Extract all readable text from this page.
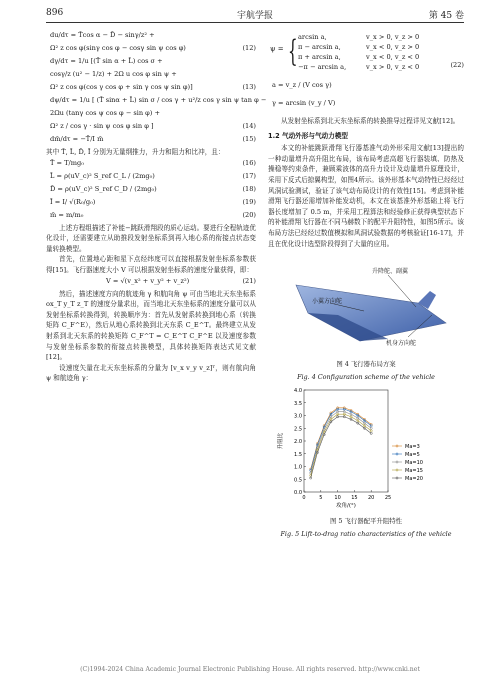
896	宇航学报	第 45 卷
du/dτ = T̄cos α − D̄ − sinγ/z² +
Ω² z cos φ(sinγ cos φ − cosγ sin ψ cos φ)	(12)
dγ/dτ = 1/u [(T̄ sin α + L̄) cos σ +
cosγ/z (u² − 1/z) + 2Ω u cos φ sin ψ +
Ω² z cos φ(cos γ cos φ + sin γ cos ψ sin φ)]	(13)
dψ/dτ = 1/u [ (T̄ sinα + L̄) sin σ / cos γ + u²/z cos γ sin ψ tan φ −
2Ωu (tanγ cos ψ cos φ − sin φ) +
Ω² z / cos γ · sin ψ cos φ sin φ ]	(14)
dm̄/dτ = −T̄/I m̄	(15)

其中 T̄, L̄, D̄, Ī 分别为无量纲推力，升力和阻力和比冲，且：

T̄ = T/mg₀	(16)
L̄ = ρ(uV_c)² S_ref C_L / (2mg₀)	(17)
D̄ = ρ(uV_c)² S_ref C_D / (2mg₀)	(18)
Ī = I/ √(R₀/g₀)	(19)
m̄ = m/m₀	(20)

上述方程组描述了补能−跳跃滑翔段的质心运动。要进行全程轨迹优化设计，还需要建立从助推段发射坐标系到再入地心系的衔接点状态变量转换模型。

首先，位置地心距和星下点经纬度可以直接根据发射坐标系参数获得[15]。飞行器速度大小 V 可以根据发射坐标系的速度分量获得，即：

V = √(v_x² + v_y² + v_z²)	(21)

然后，描述速度方向的航迹角 γ 和航向角 ψ 可由当地北天东坐标系 ox_T y_T z_T 的速度分量求出，而当地北天东坐标系的速度分量可以从发射坐标系转换得到，转换顺序为：首先从发射系转换到地心系（转换矩阵 C_F^E），然后从地心系转换到北天东系 C_E^T。最终建立从发射系到北天东系的转换矩阵 C_F^T = C_E^T C_F^E 以及速度参数与发射坐标系参数的衔接点转换模型，具体转换矩阵表达式见文献[12]。

设速度矢量在北天东坐标系的分量为 [v_x v_y v_z]ᵀ，则有航向角 ψ 和航迹角 γ：

ψ = { arcsin a,	v_x > 0, v_z > 0
π − arcsin a,	v_x < 0, v_z > 0
π + arcsin a,	v_x < 0, v_z < 0
−π − arcsin a,	v_x > 0, v_z < 0
a = v_z / (V cos γ)
γ = arcsin (v_y / V)
(22)

从发射坐标系到北天东坐标系的转换推导过程详见文献[12]。

1.2 气动外形与气动力模型

本文的补能跳跃滑翔飞行器基准气动外形采用文献[13]提出的一种动量增升高升阻比布局，该布局考虑高超飞行器装填、防热及操稳等约束条件，兼顾乘波体的高升力设计及动量增升原理设计，采用下反式后掠翼构型，如图4所示。该外形基本气动特性已经经过风洞试验测试，验证了该气动布局设计的有效性[15]。考虑到补能滑翔飞行器还需增加补能发动机，本文在该基准外形基础上将飞行器长度增加了 0.5 m，并采用工程算法和经验修正获得典型状态下的补能滑翔飞行器在不同马赫数下的配平升阻特性，如图5所示。该布局方法已经经过数值模拟和风洞试验数据的考核验证[16-17]，并且在优化设计选型阶段得到了大量的应用。

升降舵、副翼
小翼方向舵
机身方向舵
图 4 飞行器布局方案
Fig. 4 Configuration scheme of the vehicle
0.0
0.5
1.0
1.5
2.0
2.5
3.0
3.5
4.0
0	5 10 15 20 25
攻角/(°)
升阻比	Ma=3
Ma=5
Ma=10
Ma=15
Ma=20
图 5 飞行器配平升阻特性
Fig. 5 Lift-to-drag ratio characteristics of the vehicle
(C)1994-2024 China Academic Journal Electronic Publishing House. All rights reserved. http://www.cnki.net
